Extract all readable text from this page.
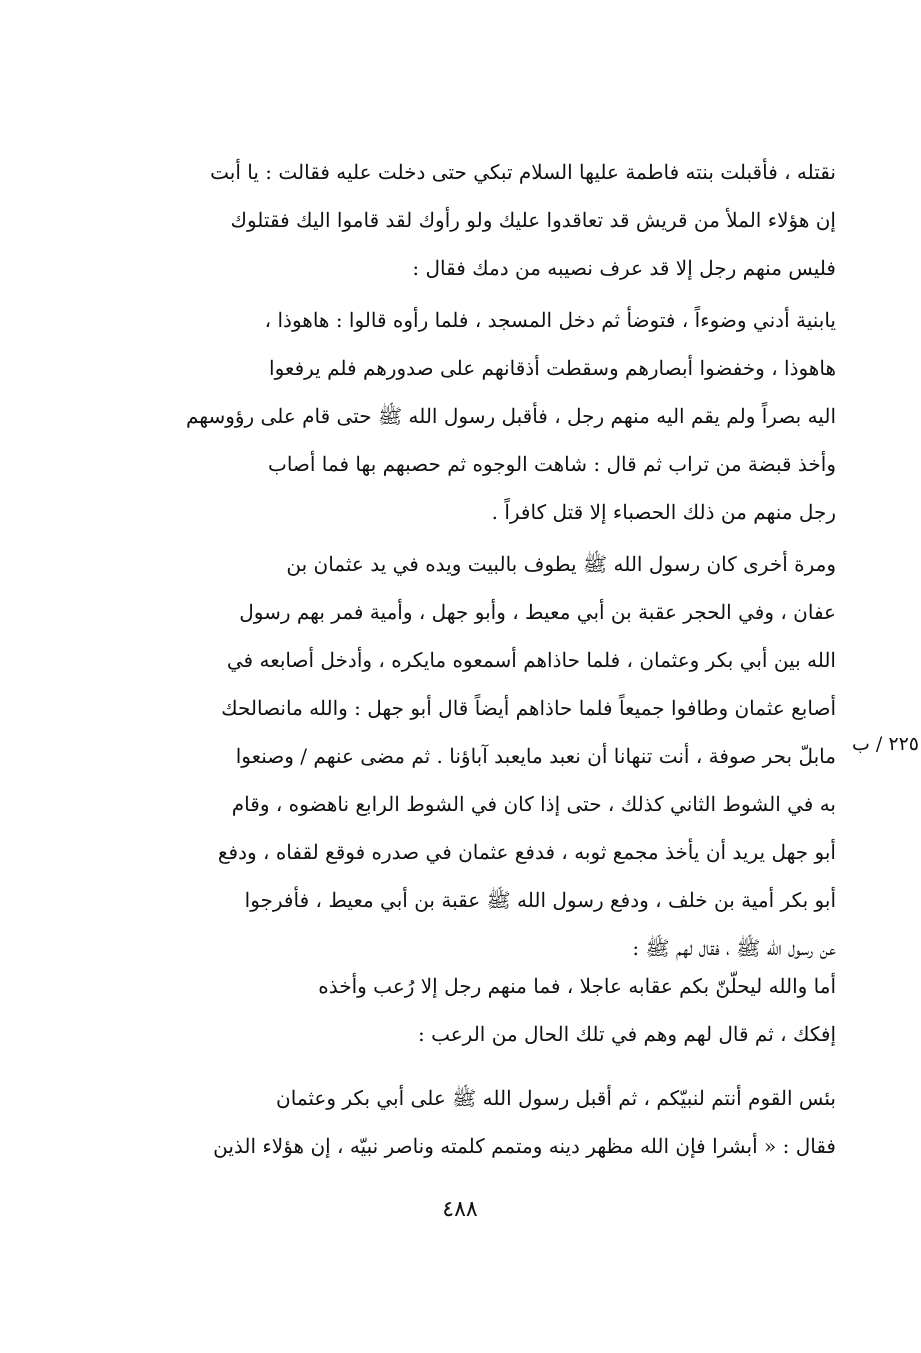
نقتله ، فأقبلت بنته فاطمة عليها السلام تبكي حتى دخلت عليه فقالت : يا أبت
إن هؤلاء الملأ من قريش قد تعاقدوا عليك ولو رأوك لقد قاموا اليك فقتلوك
فليس منهم رجل إلا قد عرف نصيبه من دمك فقال :
يابنية أدني وضوءاً ، فتوضأ ثم دخل المسجد ، فلما رأوه قالوا : هاهوذا ،
هاهوذا ، وخفضوا أبصارهم وسقطت أذقانهم على صدورهم فلم يرفعوا
اليه بصراً ولم يقم اليه منهم رجل ، فأقبل رسول الله ﷺ حتى قام على رؤوسهم
وأخذ قبضة من تراب ثم قال : شاهت الوجوه ثم حصبهم بها فما أصاب
رجل منهم من ذلك الحصباء إلا قتل كافراً .
ومرة أخرى كان رسول الله ﷺ يطوف بالبيت ويده في يد عثمان بن
عفان ، وفي الحجر عقبة بن أبي معيط ، وأبو جهل ، وأمية فمر بهم رسول
الله بين أبي بكر وعثمان ، فلما حاذاهم أسمعوه مايكره ، وأدخل أصابعه في
أصابع عثمان وطافوا جميعاً فلما حاذاهم أيضاً قال أبو جهل : والله مانصالحك
مابلّ بحر صوفة ، أنت تنهانا أن نعبد مايعبد آباؤنا . ثم مضى عنهم / وصنعوا
به في الشوط الثاني كذلك ، حتى إذا كان في الشوط الرابع ناهضوه ، وقام
أبو جهل يريد أن يأخذ مجمع ثوبه ، فدفع عثمان في صدره فوقع لقفاه ، ودفع
أبو بكر أمية بن خلف ، ودفع رسول الله ﷺ عقبة بن أبي معيط ، فأفرجوا
عن رسول الله ﷺ ، فقال لهم ﷺ :
أما والله ليحلّنّ بكم عقابه عاجلا ، فما منهم رجل إلا رُعب وأخذه
إفكك ، ثم قال لهم وهم في تلك الحال من الرعب :
بئس القوم أنتم لنبيّكم ، ثم أقبل رسول الله ﷺ على أبي بكر وعثمان
فقال : « أبشرا فإن الله مظهر دينه ومتمم كلمته وناصر نبيّه ، إن هؤلاء الذين
٢٢٥ / ب
٤٨٨
